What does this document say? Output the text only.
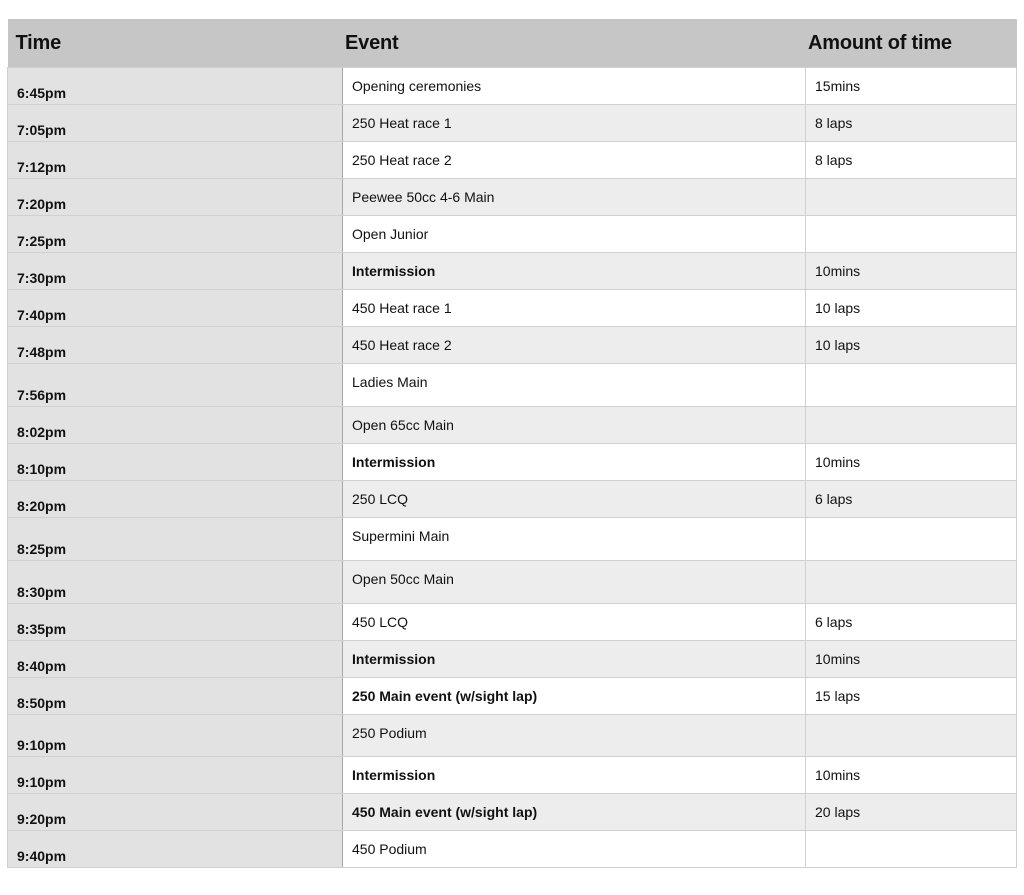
Time	Event	Amount of time
6:45pm	Opening ceremonies	15mins
7:05pm	250 Heat race 1	8 laps
7:12pm	250 Heat race 2	8 laps
7:20pm	Peewee 50cc 4-6 Main	
7:25pm	Open Junior	
7:30pm	Intermission	10mins
7:40pm	450 Heat race 1	10 laps
7:48pm	450 Heat race 2	10 laps
7:56pm	Ladies Main	
8:02pm	Open 65cc Main	
8:10pm	Intermission	10mins
8:20pm	250 LCQ	6 laps
8:25pm	Supermini Main	
8:30pm	Open 50cc Main	
8:35pm	450 LCQ	6 laps
8:40pm	Intermission	10mins
8:50pm	250 Main event (w/sight lap)	15 laps
9:10pm	250 Podium	
9:10pm	Intermission	10mins
9:20pm	450 Main event (w/sight lap)	20 laps
9:40pm	450 Podium	
